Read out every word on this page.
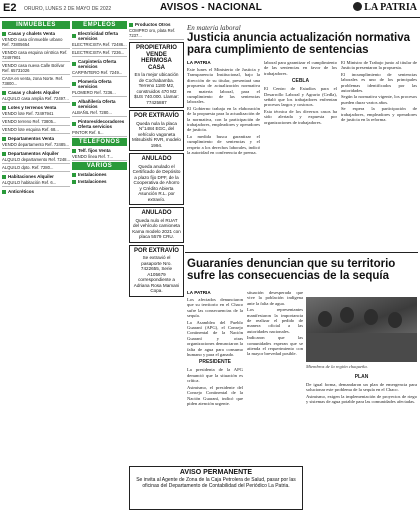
E2 ORURO, LUNES 2 DE MAYO DE 2022	AVISOS - NACIONAL	LA PATRIA
INMUEBLES
Casas y chalets Venta
VENDO casa c/inmueble urbano Ref. 73805654
VENDO casa esquina céntrica Ref. 72497901
VENDO casa nueva Calle Bolívar Ref. 65731026
CASA en venta, zona Norte. Ref. 73800...
Casas y chalets Alquiler
ALQUILO casa amplia Ref. 72497...
Lotes y terrenos Venta
VENDO lote Ref. 72497941
VENDO terreno Ref. 73805...
VENDO lote esquina Ref. 68...
Departamentos Venta
VENDO departamento Ref. 72485...
Departamentos Alquiler
ALQUILO departamento Ref. 7248...
ALQUILO dpto. Ref. 7280...
Habitaciones Alquiler
ALQUILO habitación Ref. 6...
Anticréticos
EMPLEOS
Electricidad Oferta servicios
ELECTRICISTA Ref. 72486...
ELECTRICISTA Ref. 7236...
Carpintería Oferta servicios
CARPINTERO Ref. 7249...
Plomería Oferta servicios
PLOMERO Ref. 7236...
Albañilería Oferta servicios
ALBAÑIL Ref. 7280...
Pintores/decoradores Oferta servicios
PINTOR Ref. 6...
TELÉFONOS
Telf. fijos Venta
VENDO línea Ref. 7...
VARIOS
Instalaciones
Instalaciones
Productos Otros
COMPRO oro, plata Ref. 7237...
PROPIETARIO VENDE HERMOSA CASA
En la mejor ubicación de Cochabamba. Terreno 1180 M2, construidos 470 M2 $US 740.000. Llamar: 77425887
POR EXTRAVÍO
Queda nula la placa N°1484 EGC, del vehículo vagoneta Mitsubishi RVR, modelo 1994.
ANULADO
Queda anulado el Certificado de Depósito a plazo fijo DPF, de la Cooperativa de Ahorro y Crédito Abierta Asunción R.L. por extravío.
ANULADO
Queda nulo el RUAT del vehículo camioneta Kama modelo 2021 con placa 5579 CRU.
POR EXTRAVÍO
Se extravió el pasaporte Nro. 7422655, Serie A105679 correspondiente a Adriana Rosa Mamani Copa.
AVISO PERMANENTE
Se invita al Agente de Zona de la Caja Petrolera de Salud, pasar por las oficinas del Departamento de Contabilidad del Periódico La Patria.
En materia laboral
Justicia anuncia actualización normativa para cumplimiento de sentencias
LA PATRIA

Este lunes el Ministerio de Justicia y Transparencia Institucional, bajo la dirección de su titular, presentará una propuesta de actualización normativa en materia laboral, para el cumplimiento de las sentencias laborales.

El Gobierno trabaja en la elaboración de la propuesta para la actualización de la normativa, con la participación de trabajadores, empleadores y operadores de justicia.

La medida busca garantizar el cumplimiento de sentencias y el respeto a los derechos laborales, indicó la autoridad en conferencia de prensa.

laboral para garantizar el cumplimiento de las sentencias en favor de los trabajadores.

CEBLA

El Centro de Estudios para el Desarrollo Laboral y Agrario (Cedla), señaló que los trabajadores enfrentan procesos largos y costosos.

Esta técnica de los diversos casos ha sido alertada y expuesta por organizaciones de trabajadores.

El Ministro de Trabajo junto al titular de Justicia presentaron la propuesta.

El incumplimiento de sentencias laborales es uno de los principales problemas identificados por las autoridades.

Según la normativa vigente, los procesos pueden durar varios años.

Se espera la participación de trabajadores, empleadores y operadores de justicia en la reforma.

Guaraníes denuncian que su territorio sufre las consecuencias de la sequía
LA PATRIA

Los afectados denunciaron que su territorio en el Chaco sufre las consecuencias de la sequía.

La Asamblea del Pueblo Guaraní (APG), el Consejo Continental de la Nación Guaraní y otras organizaciones denunciaron la falta de agua para consumo humano y para el ganado.

PRESIDENTE

La presidenta de la APG denunció que la situación es crítica.

Asimismo, el presidente del Consejo Continental de la Nación Guaraní, indicó que piden atención urgente.

situación desesperada que vive la población indígena ante la falta de agua.

Los representantes manifestaron la importancia de realizar el pedido de manera oficial a las autoridades nacionales.

Indicaron que las comunidades esperan que se atienda el requerimiento con la mayor brevedad posible.

Miembros de la región chaqueña.
PLAN

De igual forma, demandaron un plan de emergencia para solucionar este problema de la sequía en el Chaco.

Asimismo, exigen la implementación de proyectos de riego y sistemas de agua potable para las comunidades afectadas.
